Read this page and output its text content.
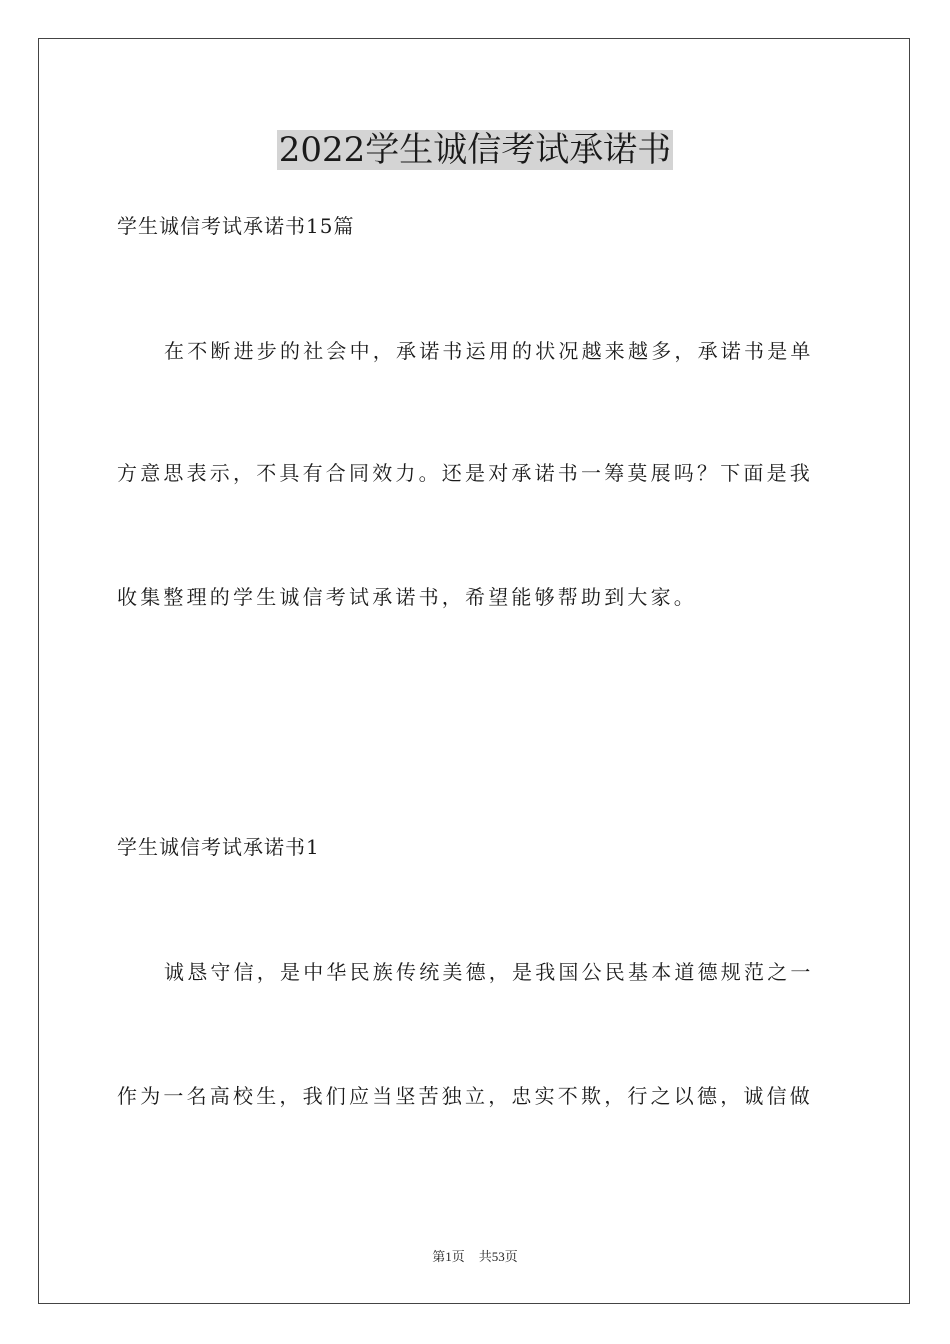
2022学生诚信考试承诺书
学生诚信考试承诺书15篇
在不断进步的社会中，承诺书运用的状况越来越多，承诺书是单
方意思表示，不具有合同效力。还是对承诺书一筹莫展吗？下面是我
收集整理的学生诚信考试承诺书，希望能够帮助到大家。
学生诚信考试承诺书1
诚恳守信，是中华民族传统美德，是我国公民基本道德规范之一
作为一名高校生，我们应当坚苦独立，忠实不欺，行之以德，诚信做
第1页 共53页
